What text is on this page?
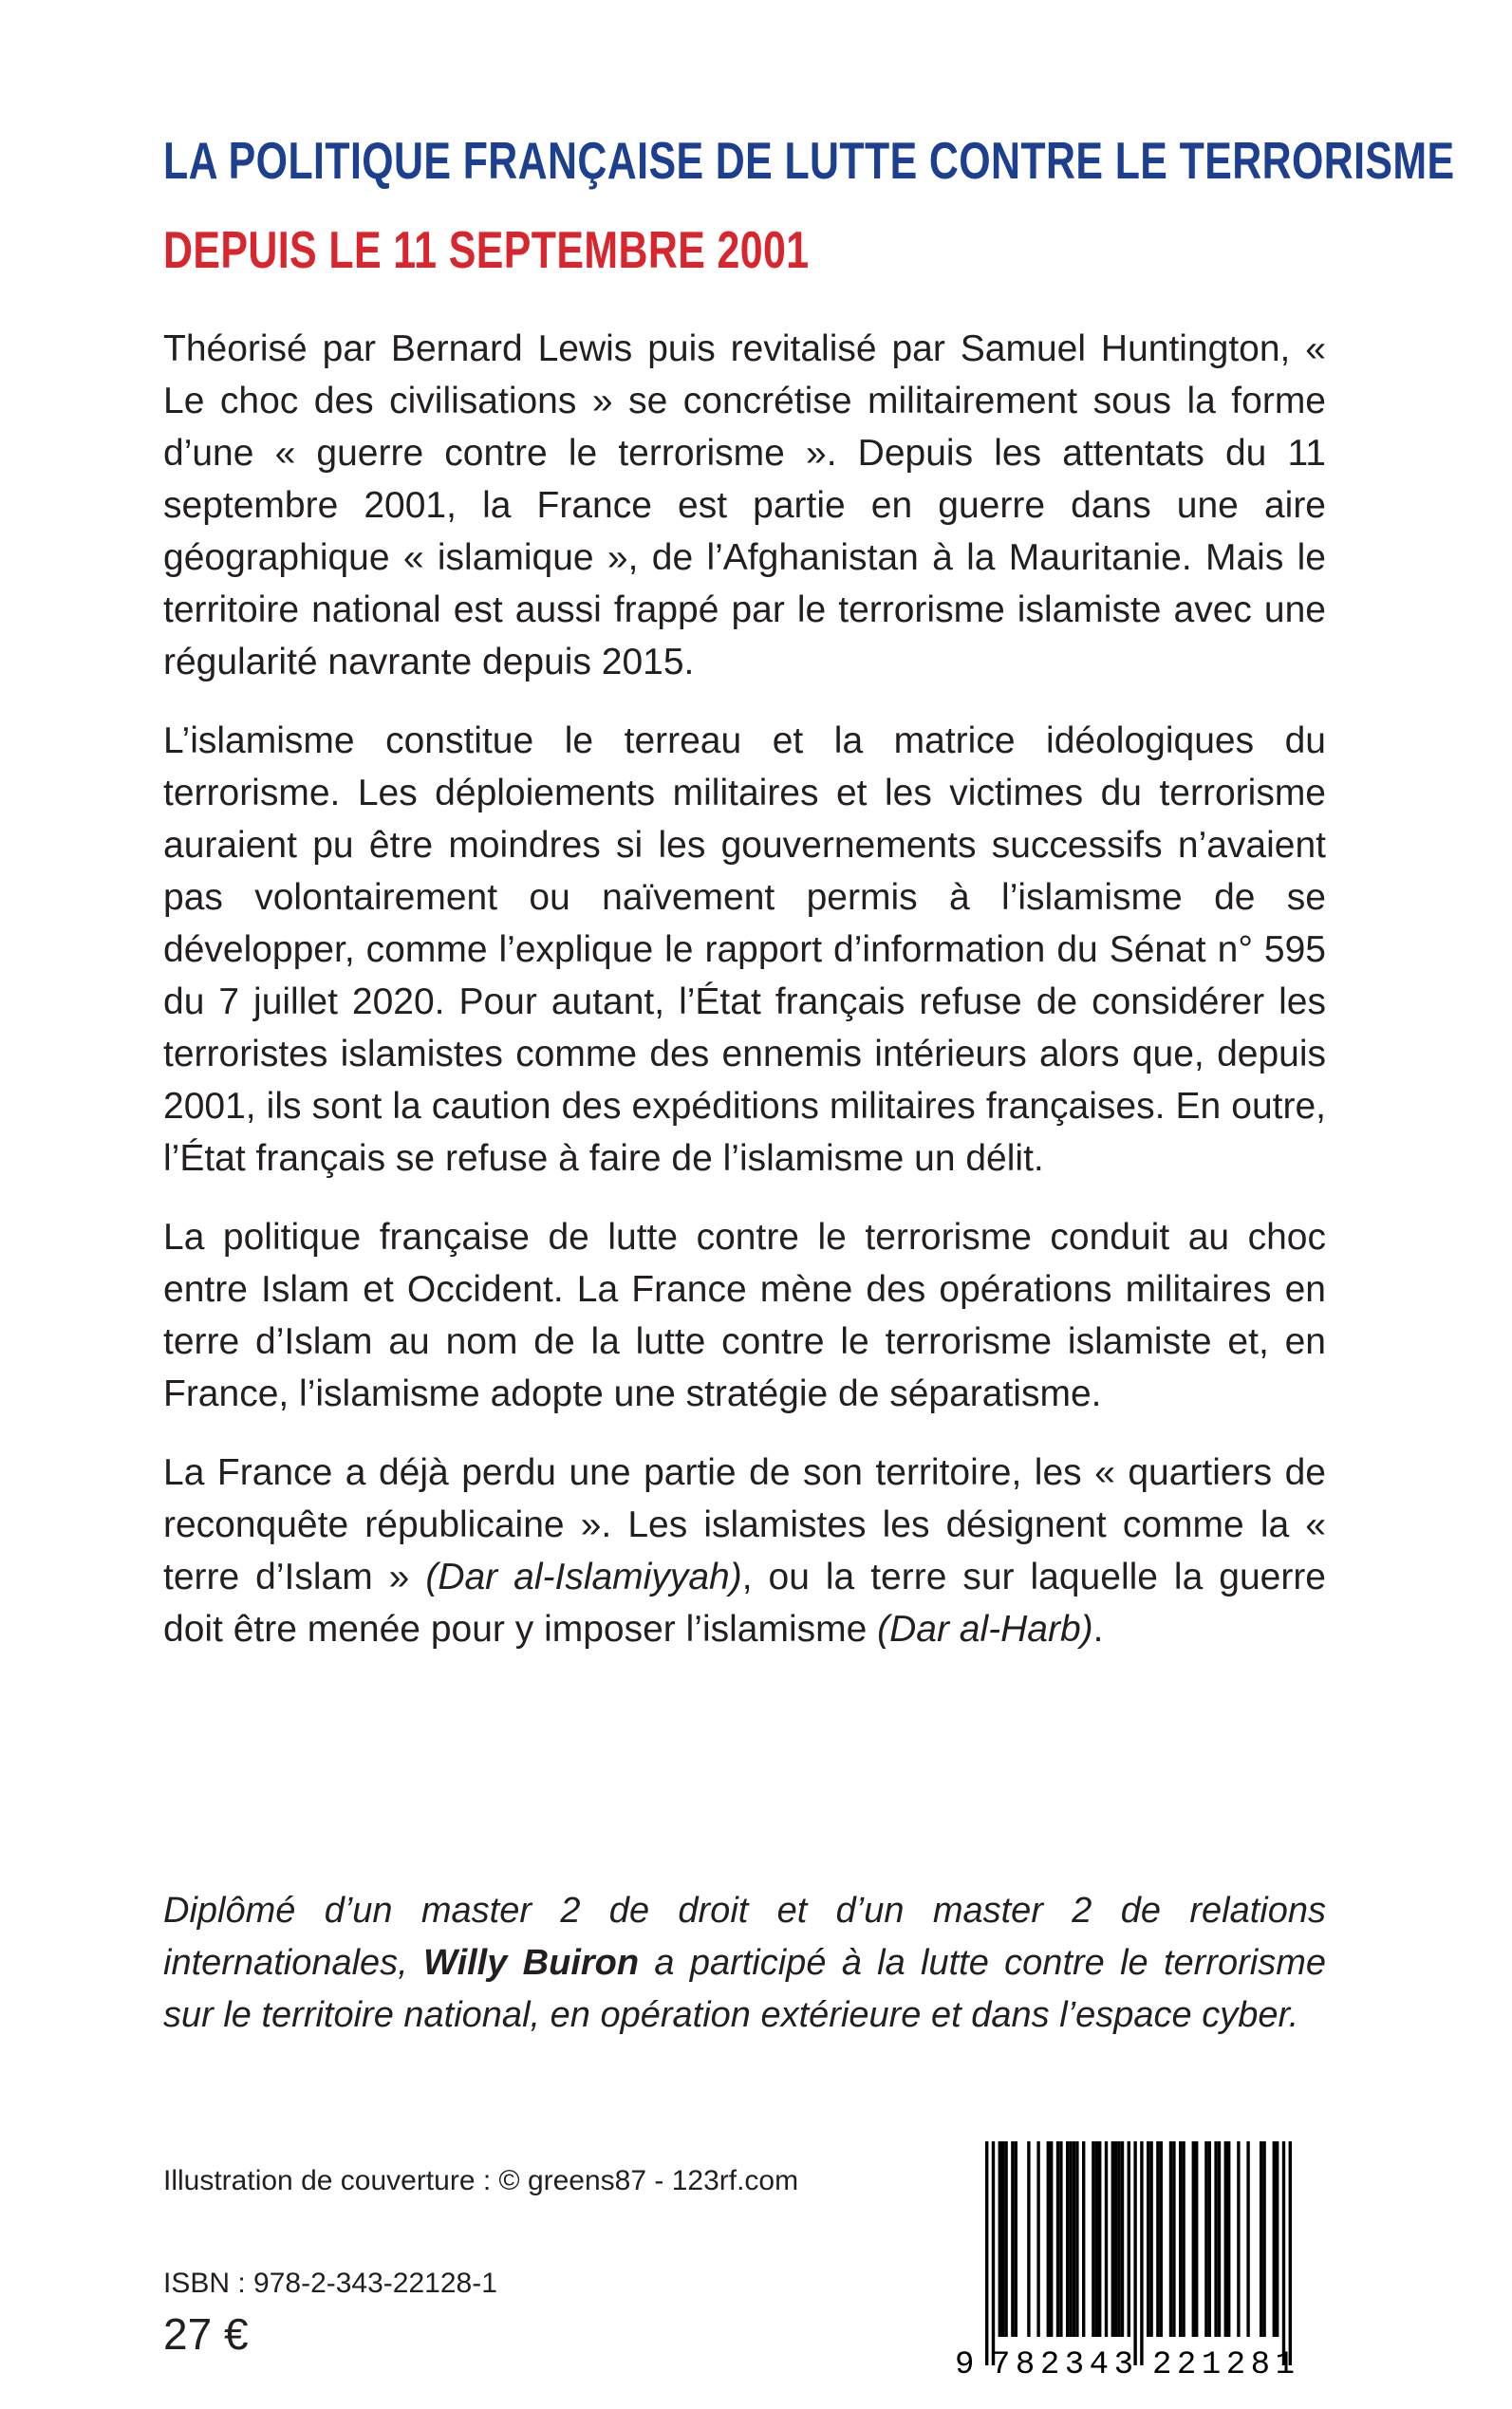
LA POLITIQUE FRANÇAISE DE LUTTE CONTRE LE TERRORISME
DEPUIS LE 11 SEPTEMBRE 2001

Théorisé par Bernard Lewis puis revitalisé par Samuel Huntington, « Le choc des civilisations » se concrétise militairement sous la forme d’une « guerre contre le terrorisme ». Depuis les attentats du 11 septembre 2001, la France est partie en guerre dans une aire géographique « islamique », de l’Afghanistan à la Mauritanie. Mais le territoire national est aussi frappé par le terrorisme islamiste avec une régularité navrante depuis 2015.

L’islamisme constitue le terreau et la matrice idéologiques du terrorisme. Les déploiements militaires et les victimes du terrorisme auraient pu être moindres si les gouvernements successifs n’avaient pas volontairement ou naïvement permis à l’islamisme de se développer, comme l’explique le rapport d’information du Sénat n° 595 du 7 juillet 2020. Pour autant, l’État français refuse de considérer les terroristes islamistes comme des ennemis intérieurs alors que, depuis 2001, ils sont la caution des expéditions militaires françaises. En outre, l’État français se refuse à faire de l’islamisme un délit.

La politique française de lutte contre le terrorisme conduit au choc entre Islam et Occident. La France mène des opérations militaires en terre d’Islam au nom de la lutte contre le terrorisme islamiste et, en France, l’islamisme adopte une stratégie de séparatisme.

La France a déjà perdu une partie de son territoire, les « quartiers de reconquête républicaine ». Les islamistes les désignent comme la « terre d’Islam » (Dar al-Islamiyyah), ou la terre sur laquelle la guerre doit être menée pour y imposer l’islamisme (Dar al-Harb).

Diplômé d’un master 2 de droit et d’un master 2 de relations internationales, Willy Buiron a participé à la lutte contre le terrorisme sur le territoire national, en opération extérieure et dans l’espace cyber.

Illustration de couverture : © greens87 - 123rf.com

ISBN : 978-2-343-22128-1

27 €

9 782343 221281
